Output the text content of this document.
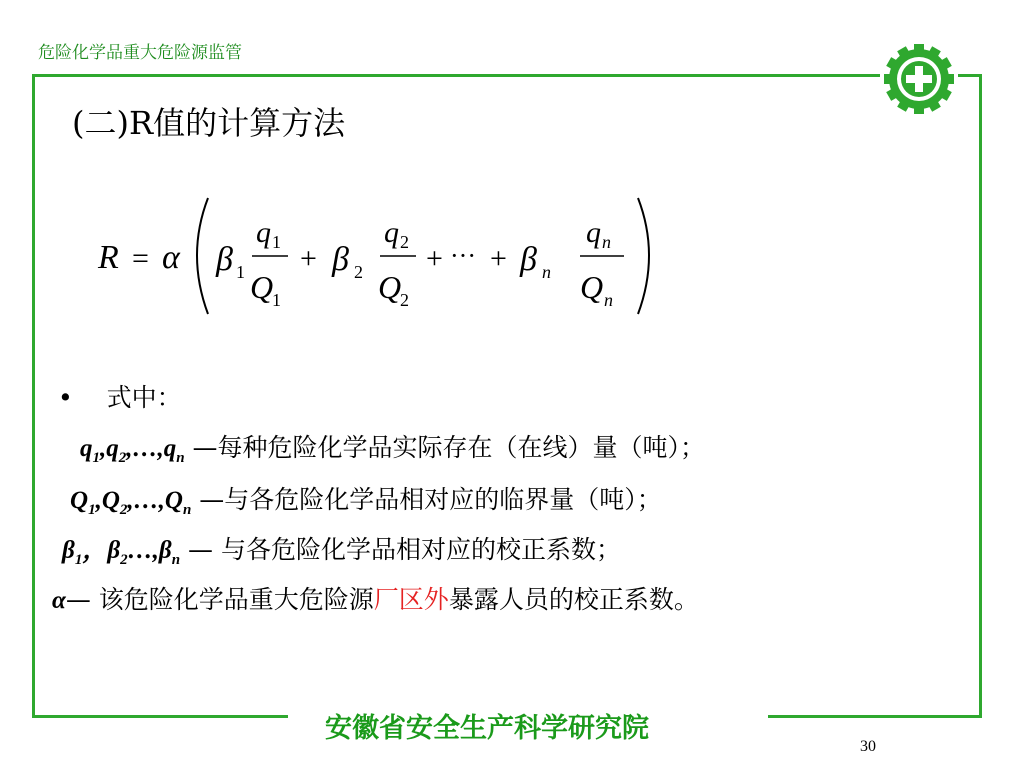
危险化学品重大危险源监管
(二)R值的计算方法
R = α β 1
q 1
Q
1
+ β 2
q 2
Q
2
+ ··· + β n
q n
Q n
• 式中：
$q_1,q_2,\dots,q_n$ —每种危险化学品实际存在（在线）量（吨）；
$Q_1,Q_2,\dots,Q_n$ —与各危险化学品相对应的临界量（吨）；
$\beta_1$，$\beta_2\dots,\beta_n$ — 与各危险化学品相对应的校正系数；
α— 该危险化学品重大危险源厂区外暴露人员的校正系数。
安徽省安全生产科学研究院
30
